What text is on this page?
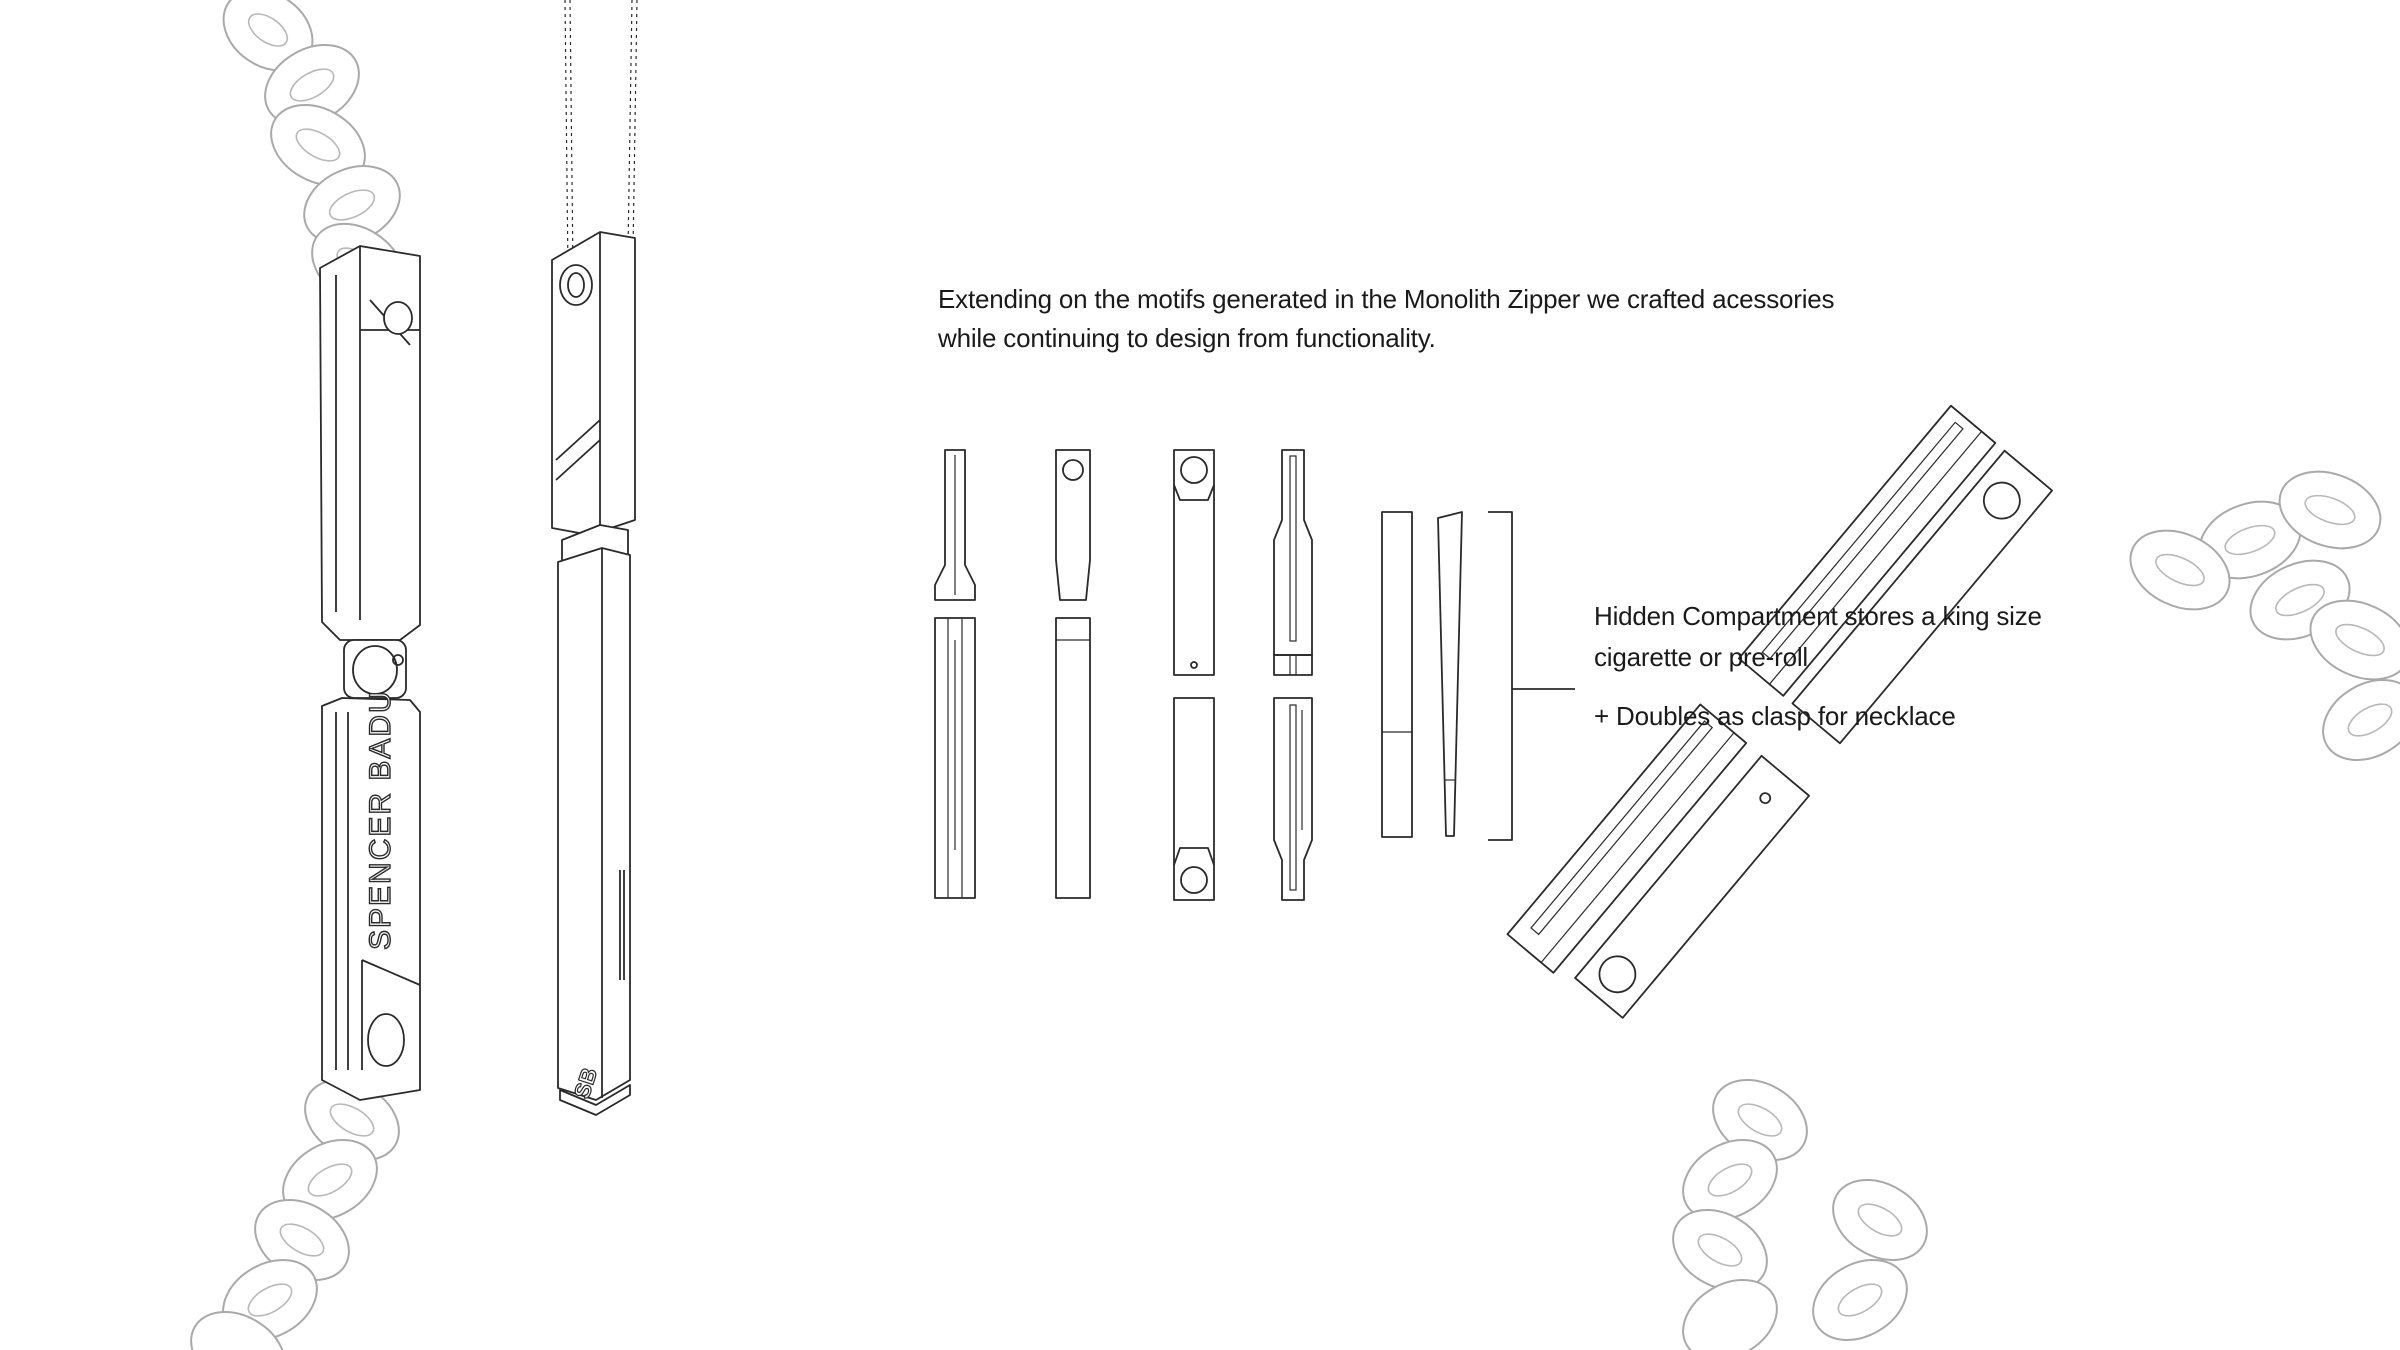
SPENCER BADU
SB

Extending on the motifs generated in the Monolith Zipper we crafted acessories

while continuing to design from functionality.

Hidden Compartment stores a king size

cigarette or pre-roll

+ Doubles as clasp for necklace
